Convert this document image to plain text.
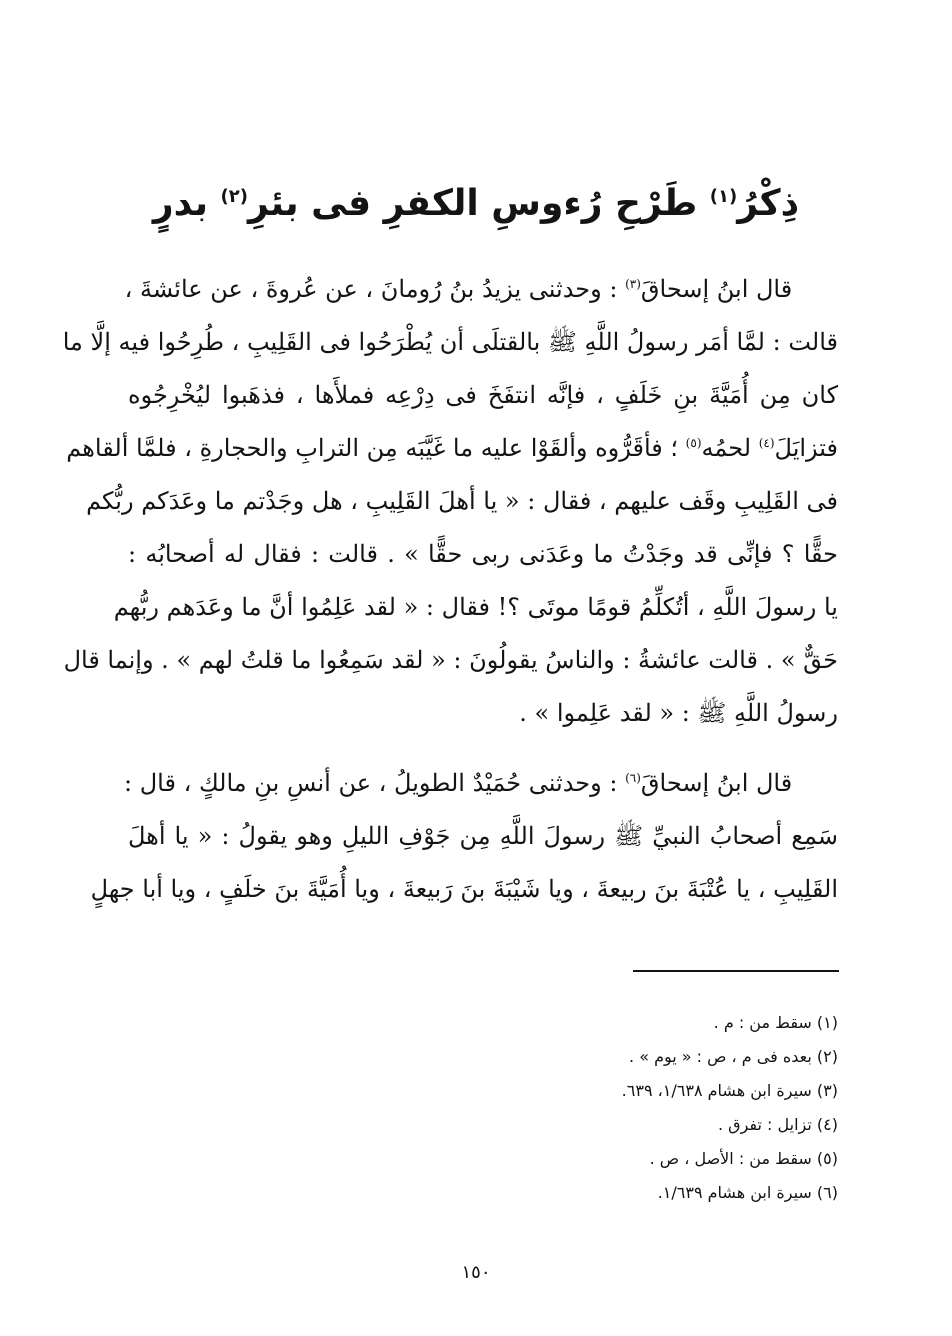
ذِكْرُ$^{(١)}$ طَرْحِ رُءوسِ الكفرِ فى بئرِ$^{(٢)}$ بدرٍ
قال ابنُ إسحاقَ$^{(٣)}$ : وحدثنى يزيدُ بنُ رُومانَ ، عن عُروةَ ، عن عائشةَ ،
قالت : لمَّا أمَر رسولُ اللَّهِ ﷺ بالقتلَى أن يُطْرَحُوا فى القَلِيبِ ، طُرِحُوا فيه إلَّا ما
كان مِن أُمَيَّةَ بنِ خَلَفٍ ، فإنَّه انتفَخَ فى دِرْعِه فملأَها ، فذهَبوا ليُخْرِجُوه
فتزايَلَ$^{(٤)}$ لحمُه$^{(٥)}$ ؛ فأقَرُّوه وألقَوْا عليه ما غَيَّبَه مِن الترابِ والحجارةِ ، فلمَّا ألقاهم
فى القَلِيبِ وقَف عليهم ، فقال : « يا أهلَ القَلِيبِ ، هل وجَدْتم ما وعَدَكم ربُّكم
حقًّا ؟ فإنِّى قد وجَدْتُ ما وعَدَنى ربى حقًّا » . قالت : فقال له أصحابُه :
يا رسولَ اللَّهِ ، أتُكلِّمُ قومًا موتَى ؟! فقال : « لقد عَلِمُوا أنَّ ما وعَدَهم ربُّهم
حَقٌّ » . قالت عائشةُ : والناسُ يقولُونَ : « لقد سَمِعُوا ما قلتُ لهم » . وإنما قال
رسولُ اللَّهِ ﷺ : « لقد عَلِموا » .
قال ابنُ إسحاقَ$^{(٦)}$ : وحدثنى حُمَيْدٌ الطويلُ ، عن أنسِ بنِ مالكٍ ، قال :
سَمِع أصحابُ النبيِّ ﷺ رسولَ اللَّهِ مِن جَوْفِ الليلِ وهو يقولُ : « يا أهلَ
القَلِيبِ ، يا عُتْبَةَ بنَ ربيعةَ ، ويا شَيْبَةَ بنَ رَبيعةَ ، ويا أُمَيَّةَ بنَ خلَفٍ ، ويا أبا جهلٍ
(١) سقط من : م .
(٢) بعده فى م ، ص : « يوم » .
(٣) سيرة ابن هشام ١/٦٣٨، ٦٣٩.
(٤) تزايل : تفرق .
(٥) سقط من : الأصل ، ص .
(٦) سيرة ابن هشام ١/٦٣٩.
١٥٠
